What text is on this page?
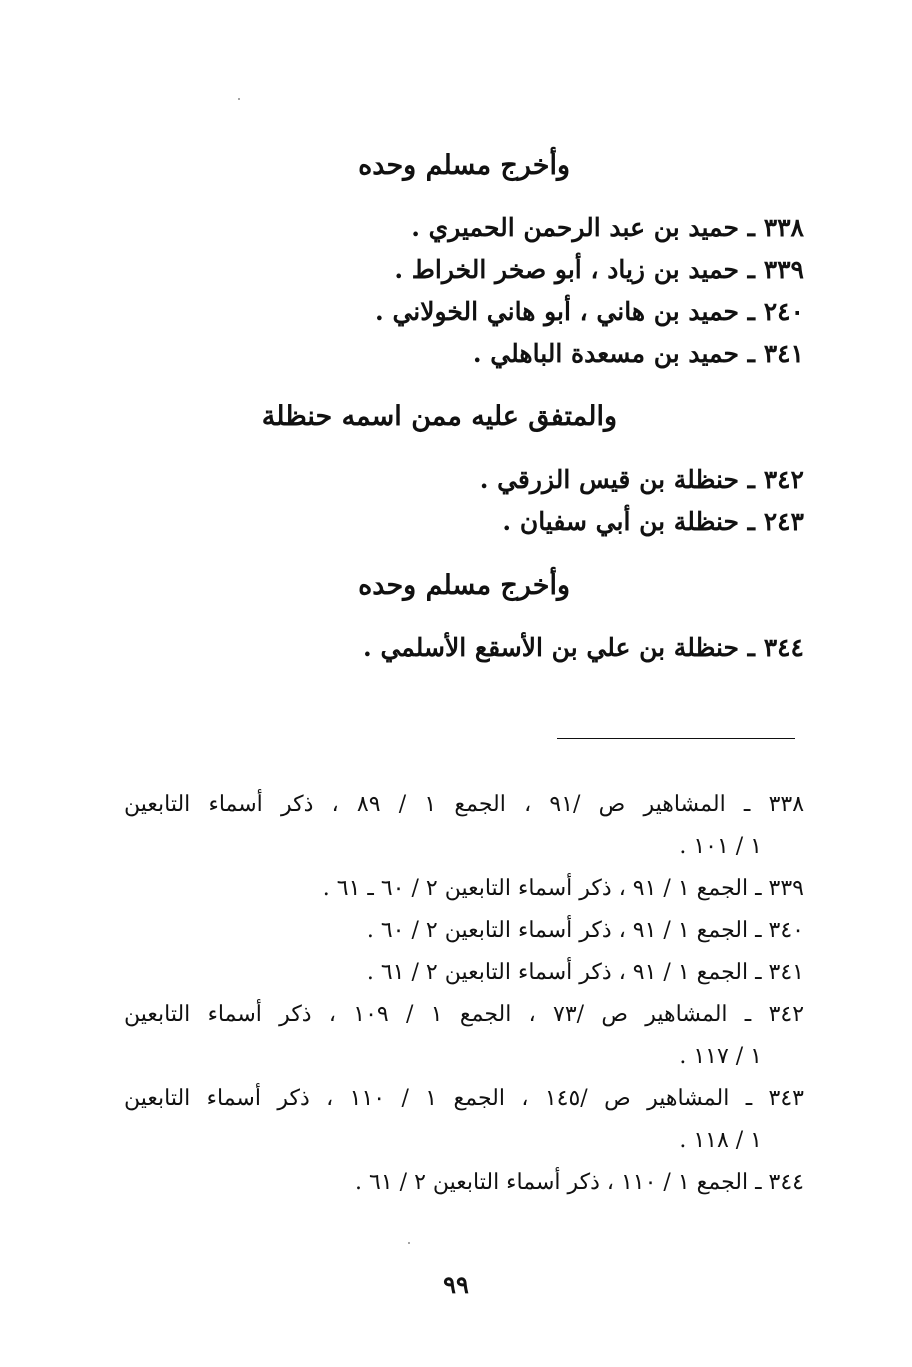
وأخرج مسلم وحده
٣٣٨ ـ حميد بن عبد الرحمن الحميري .
٣٣٩ ـ حميد بن زياد ، أبو صخر الخراط .
٢٤٠ ـ حميد بن هاني ، أبو هاني الخولاني .
٣٤١ ـ حميد بن مسعدة الباهلي .
والمتفق عليه ممن اسمه حنظلة
٣٤٢ ـ حنظلة بن قيس الزرقي .
٢٤٣ ـ حنظلة بن أبي سفيان .
وأخرج مسلم وحده
٣٤٤ ـ حنظلة بن علي بن الأسقع الأسلمي .
٣٣٨ ـ المشاهير ص /٩١ ، الجمع ١ / ٨٩ ، ذكر أسماء التابعين
١ / ١٠١ .
٣٣٩ ـ الجمع ١ / ٩١ ، ذكر أسماء التابعين ٢ / ٦٠ ـ ٦١ .
٣٤٠ ـ الجمع ١ / ٩١ ، ذكر أسماء التابعين ٢ / ٦٠ .
٣٤١ ـ الجمع ١ / ٩١ ، ذكر أسماء التابعين ٢ / ٦١ .
٣٤٢ ـ المشاهير ص /٧٣ ، الجمع ١ / ١٠٩ ، ذكر أسماء التابعين
١ / ١١٧ .
٣٤٣ ـ المشاهير ص /١٤٥ ، الجمع ١ / ١١٠ ، ذكر أسماء التابعين
١ / ١١٨ .
٣٤٤ ـ الجمع ١ / ١١٠ ، ذكر أسماء التابعين ٢ / ٦١ .
٩٩
